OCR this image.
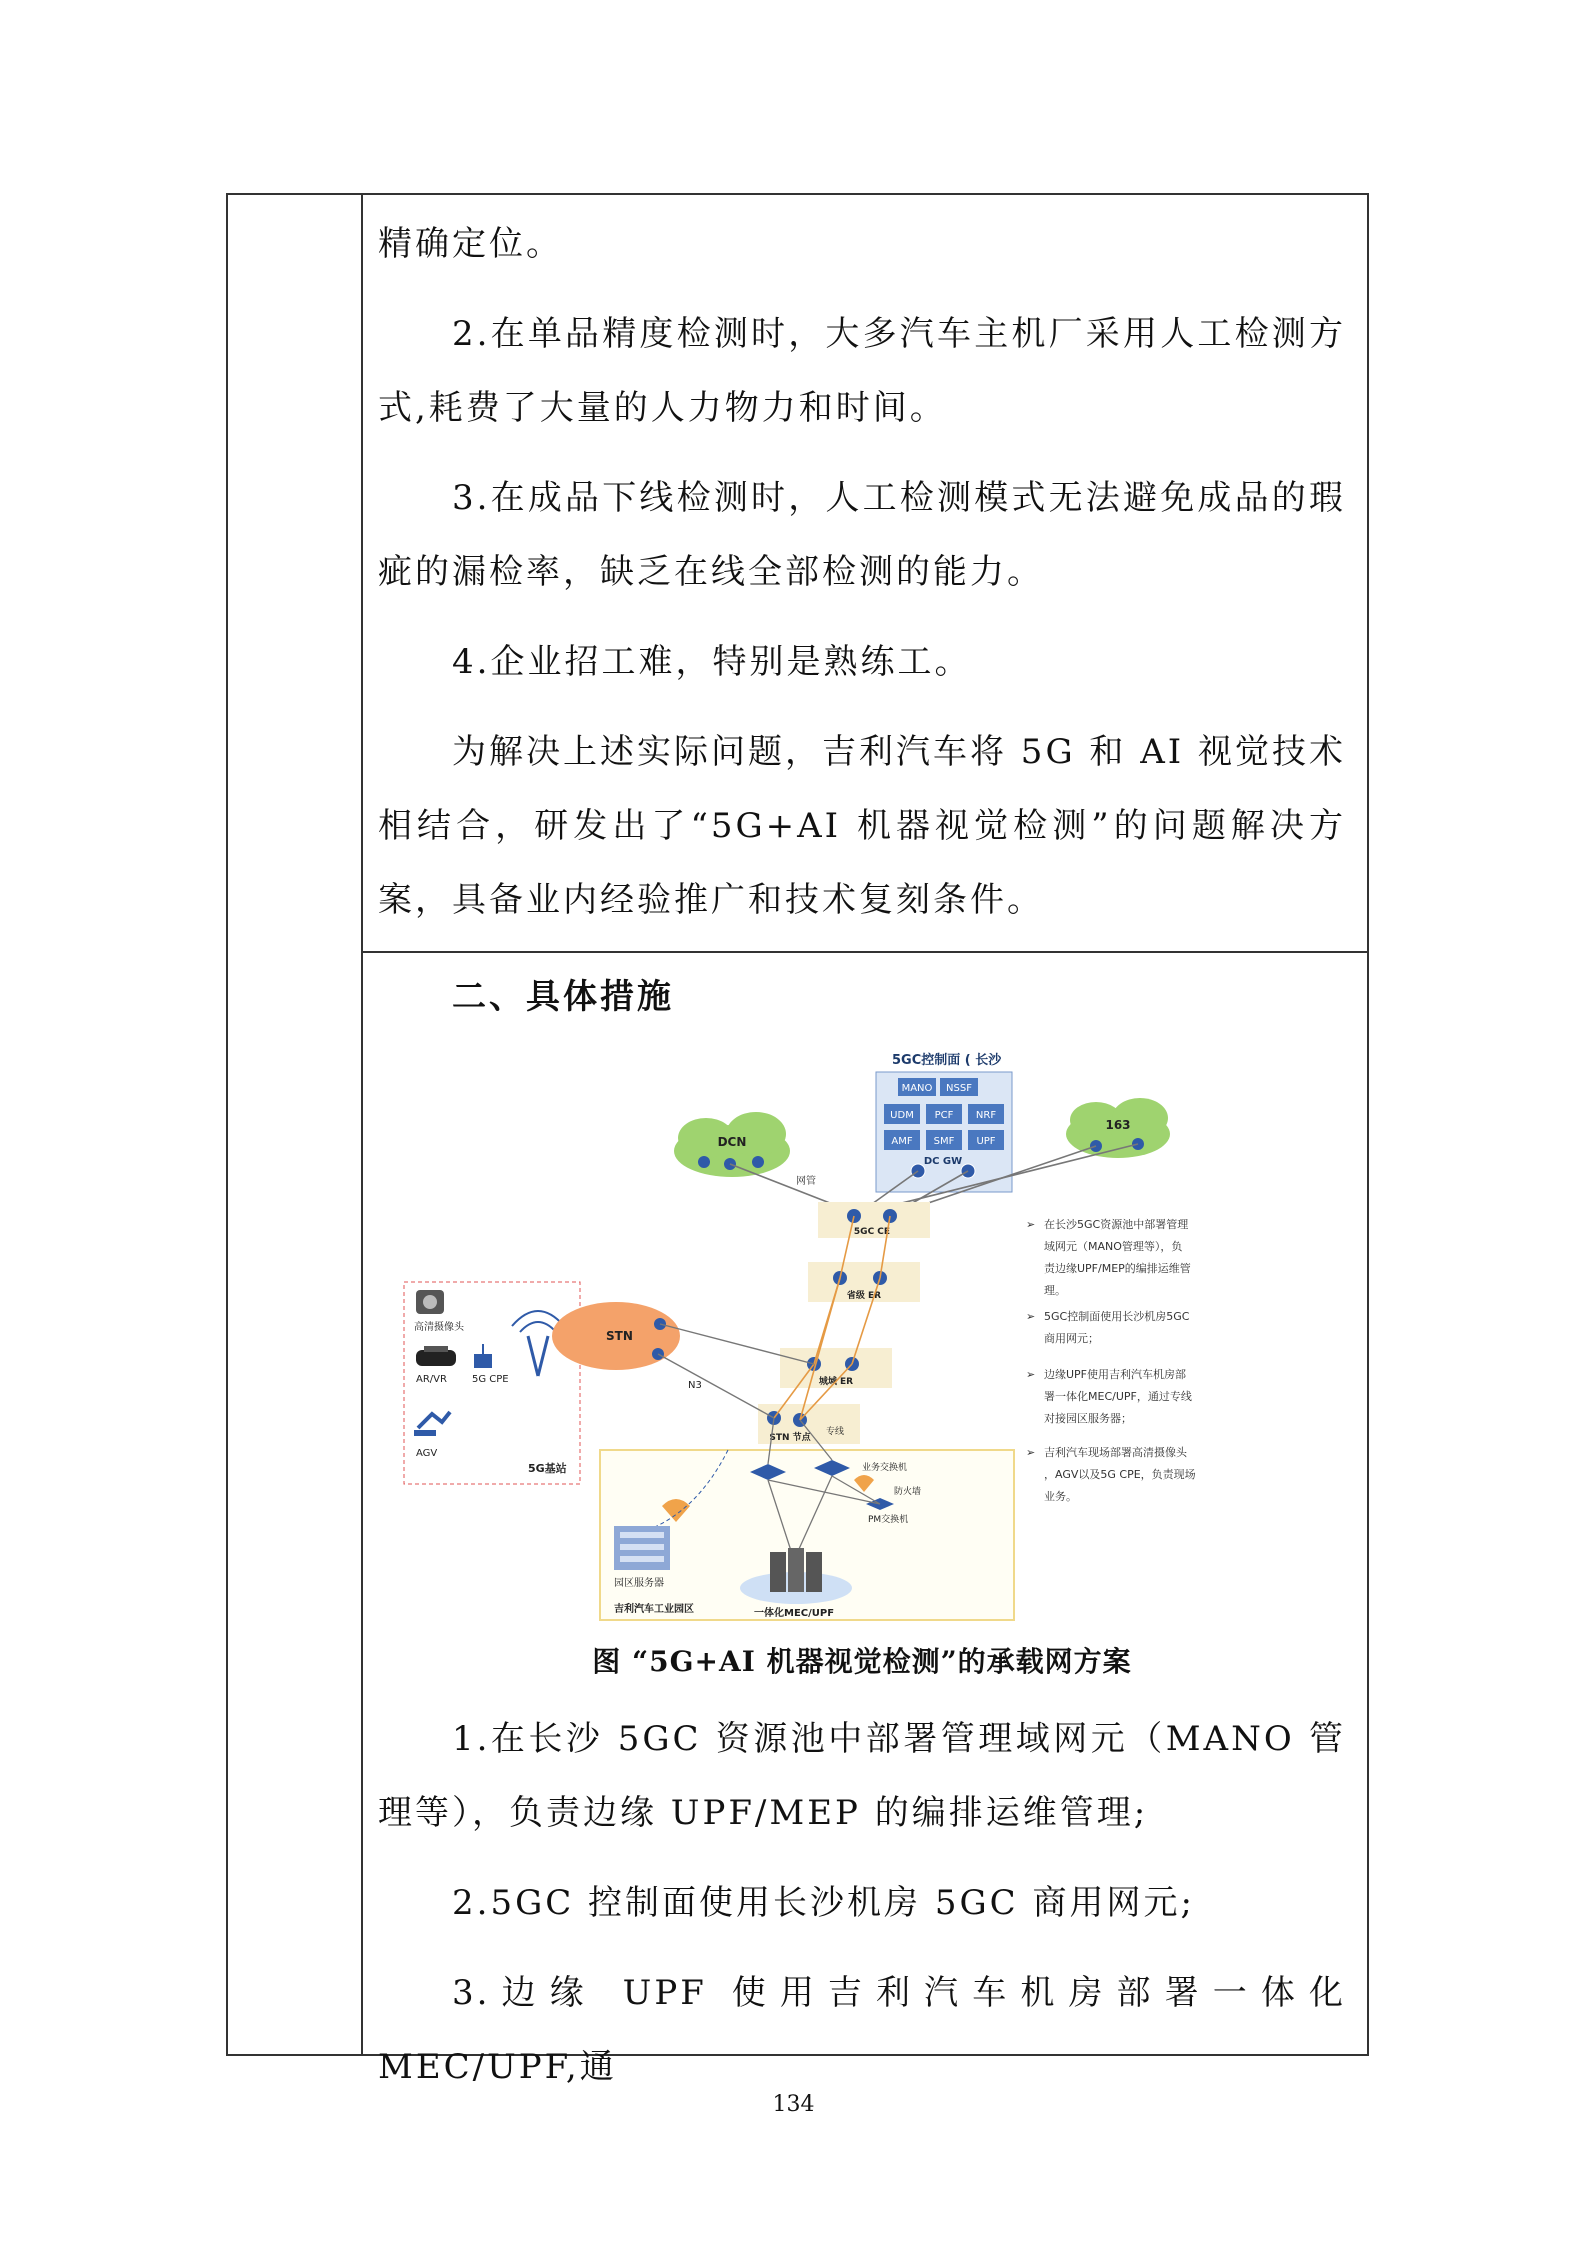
精确定位。

2.在单品精度检测时，大多汽车主机厂采用人工检测方式,耗费了大量的人力物力和时间。

3.在成品下线检测时，人工检测模式无法避免成品的瑕疵的漏检率，缺乏在线全部检测的能力。

4.企业招工难，特别是熟练工。

为解决上述实际问题，吉利汽车将 5G 和 AI 视觉技术相结合，研发出了“5G+AI 机器视觉检测”的问题解决方案，具备业内经验推广和技术复刻条件。

二、具体措施

5GC控制面 ( 长沙
MANO NSSF
UDM PCF NRF
AMF SMF UPF
DC GW
DCN
163
网管
5GC CE
省级 ER
城域 ER
STN 节点
专线
5G基站
高清摄像头
AR/VR	5G CPE
AGV
STN
N3
业务交换机
防火墙
PM交换机
园区服务器
吉利汽车工业园区	一体化MEC/UPF
➢ 在长沙5GC资源池中部署管理
域网元（MANO管理等），负
责边缘UPF/MEP的编排运维管
理。
➢ 5GC控制面使用长沙机房5GC
商用网元；
➢ 边缘UPF使用吉利汽车机房部
署一体化MEC/UPF，通过专线
对接园区服务器；
➢ 吉利汽车现场部署高清摄像头
，AGV以及5G CPE，负责现场
业务。

图 “5G+AI 机器视觉检测”的承载网方案

1.在长沙 5GC 资源池中部署管理域网元（MANO 管理等），负责边缘 UPF/MEP 的编排运维管理;

2.5GC 控制面使用长沙机房 5GC 商用网元;

3.边缘 UPF 使用吉利汽车机房部署一体化 MEC/UPF,通

134
